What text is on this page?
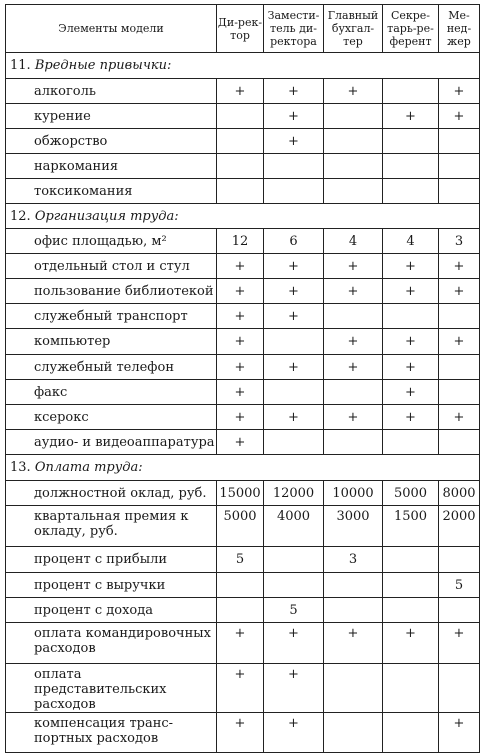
Элементы модели	Ди-рек-тор	Замести-тель ди-ректора	Главный бухгал-тер	Секре-тарь-ре-ферент	Ме-нед-жер
11. Вредные привычки:					
алкоголь	+	+	+		+
курение		+		+	+
обжорство		+			
наркомания					
токсикомания					
12. Организация труда:					
офис площадью, м²	12	6	4	4	3
отдельный стол и стул	+	+	+	+	+
пользование библиотекой	+	+	+	+	+
служебный транспорт	+	+			
компьютер	+		+	+	+
служебный телефон	+	+	+	+	
факс	+			+	
ксерокс	+	+	+	+	+
аудио- и видеоаппаратура	+				
13. Оплата труда:					
должностной оклад, руб.	15000	12000	10000	5000	8000
квартальная премия к окладу, руб.	5000	4000	3000	1500	2000
процент с прибыли	5		3		
процент с выручки					5
процент с дохода		5			
оплата командировочных расходов	+	+	+	+	+
оплата представительских расходов	+	+			
компенсация транс-портных расходов	+	+			+
